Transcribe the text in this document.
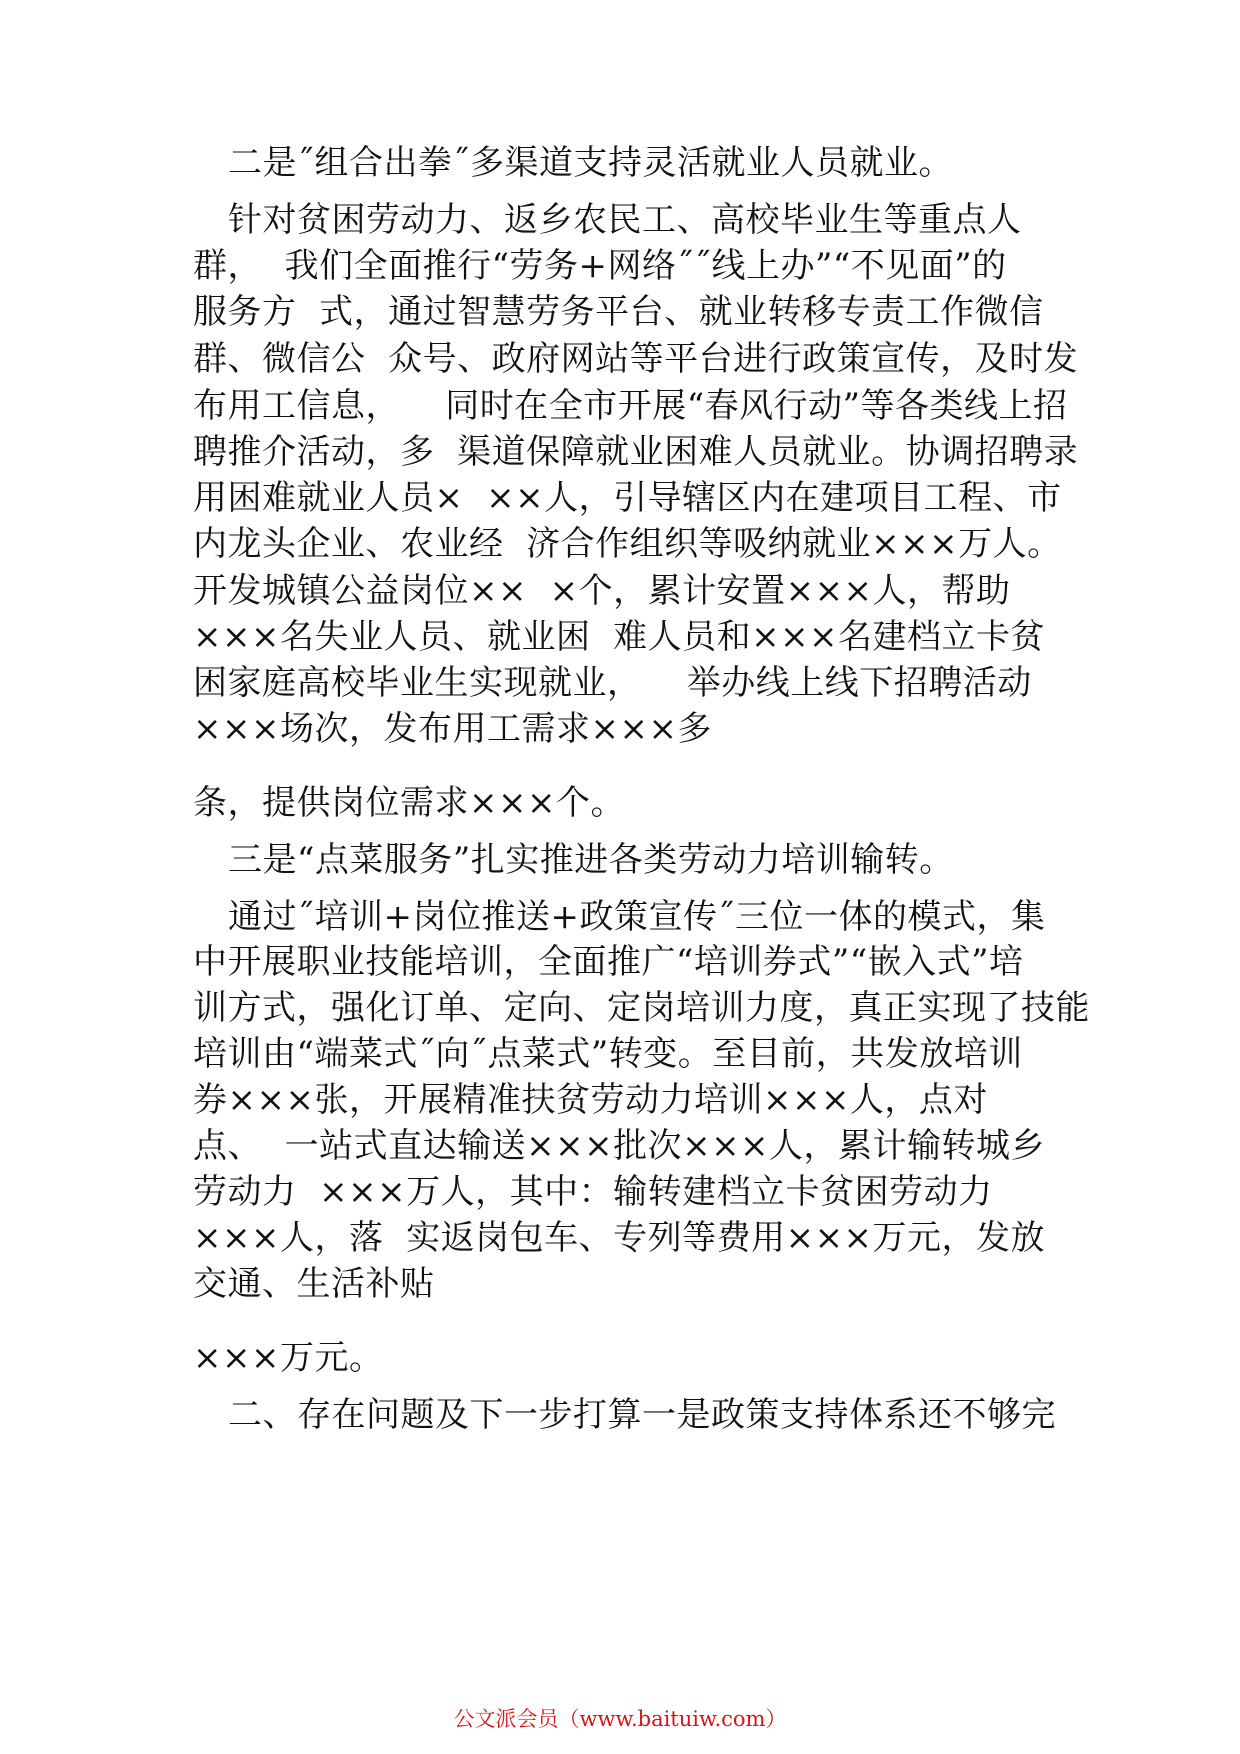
二是˝组合出拳˝多渠道支持灵活就业人员就业。
针对贫困劳动力、返乡农民工、高校毕业生等重点人
群，  我们全面推行“劳务+网络˝˝线上办”“不见面”的
服务方  式，通过智慧劳务平台、就业转移专责工作微信
群、微信公  众号、政府网站等平台进行政策宣传，及时发
布用工信息，    同时在全市开展“春风行动”等各类线上招
聘推介活动，多  渠道保障就业困难人员就业。协调招聘录
用困难就业人员×  ××人，引导辖区内在建项目工程、市
内龙头企业、农业经  济合作组织等吸纳就业×××万人。
开发城镇公益岗位××  ×个，累计安置×××人，帮助
×××名失业人员、就业困  难人员和×××名建档立卡贫
困家庭高校毕业生实现就业，    举办线上线下招聘活动
×××场次，发布用工需求×××多
条，提供岗位需求×××个。
三是“点菜服务”扎实推进各类劳动力培训输转。
通过˝培训+岗位推送+政策宣传˝三位一体的模式，集
中开展职业技能培训，全面推广“培训券式”“嵌入式”培
训方式，强化订单、定向、定岗培训力度，真正实现了技能
培训由“端菜式˝向˝点菜式”转变。至目前，共发放培训
券×××张，开展精准扶贫劳动力培训×××人，点对
点、  一站式直达输送×××批次×××人，累计输转城乡
劳动力  ×××万人，其中：输转建档立卡贫困劳动力
×××人，落  实返岗包车、专列等费用×××万元，发放
交通、生活补贴
×××万元。
二、存在问题及下一步打算一是政策支持体系还不够完
公文派会员（www.baituiw.com）
